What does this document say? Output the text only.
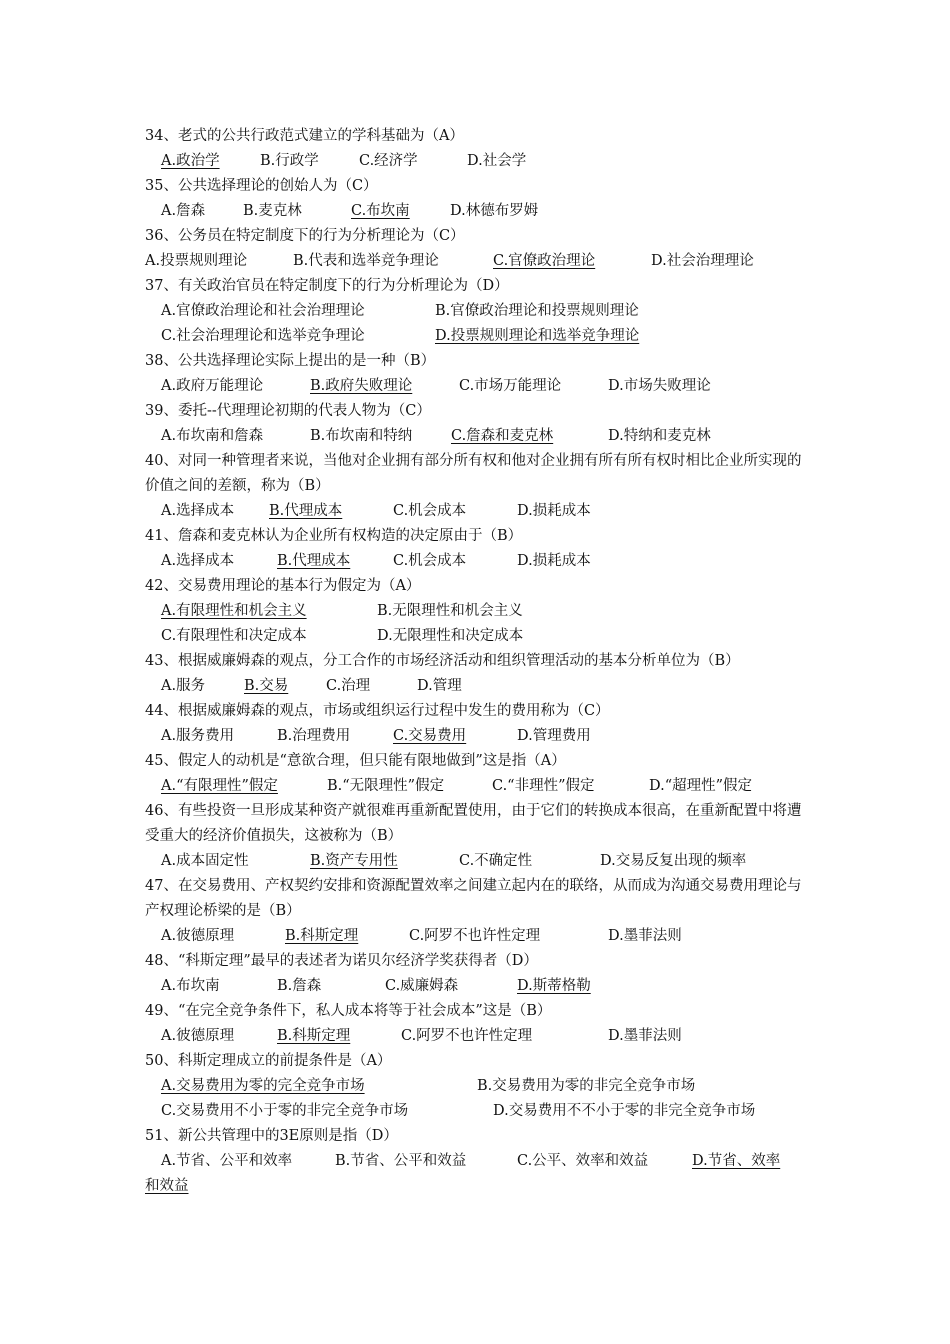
34、老式的公共行政范式建立的学科基础为（A）

A.政治学	B.行政学	C.经济学	D.社会学

35、公共选择理论的创始人为（C）

A.詹森	B.麦克林	C.布坎南	D.林德布罗姆

36、公务员在特定制度下的行为分析理论为（C）

A.投票规则理论	B.代表和选举竞争理论	C.官僚政治理论	D.社会治理理论

37、有关政治官员在特定制度下的行为分析理论为（D）

A.官僚政治理论和社会治理理论	B.官僚政治理论和投票规则理论
C.社会治理理论和选举竞争理论	D.投票规则理论和选举竞争理论

38、公共选择理论实际上提出的是一种（B）

A.政府万能理论	B.政府失败理论	C.市场万能理论	D.市场失败理论

39、委托--代理理论初期的代表人物为（C）

A.布坎南和詹森	B.布坎南和特纳	C.詹森和麦克林	D.特纳和麦克林

40、对同一种管理者来说，当他对企业拥有部分所有权和他对企业拥有所有所有权时相比企业所实现的价值之间的差额，称为（B）

A.选择成本 B.代理成本	C.机会成本	D.损耗成本

41、詹森和麦克林认为企业所有权构造的决定原由于（B）

A.选择成本	B.代理成本	C.机会成本	D.损耗成本

42、交易费用理论的基本行为假定为（A）

A.有限理性和机会主义	B.无限理性和机会主义
C.有限理性和决定成本	D.无限理性和决定成本

43、根据威廉姆森的观点，分工合作的市场经济活动和组织管理活动的基本分析单位为（B）

A.服务	B.交易	C.治理	D.管理

44、根据威廉姆森的观点，市场或组织运行过程中发生的费用称为（C）

A.服务费用	B.治理费用	C.交易费用	D.管理费用

45、假定人的动机是“意欲合理，但只能有限地做到”这是指（A）

A.“有限理性”假定	B.“无限理性”假定	C.“非理性”假定	D.“超理性”假定

46、有些投资一旦形成某种资产就很难再重新配置使用，由于它们的转换成本很高，在重新配置中将遭受重大的经济价值损失，这被称为（B）

A.成本固定性	B.资产专用性	C.不确定性	D.交易反复出现的频率

47、在交易费用、产权契约安排和资源配置效率之间建立起内在的联络，从而成为沟通交易费用理论与产权理论桥梁的是（B）

A.彼德原理	B.科斯定理	C.阿罗不也许性定理	D.墨菲法则

48、“科斯定理”最早的表述者为诺贝尔经济学奖获得者（D）

A.布坎南	B.詹森	C.威廉姆森	D.斯蒂格勒

49、“在完全竞争条件下，私人成本将等于社会成本”这是（B）

A.彼德原理	B.科斯定理	C.阿罗不也许性定理	D.墨菲法则

50、科斯定理成立的前提条件是（A）

A.交易费用为零的完全竞争市场	B.交易费用为零的非完全竞争市场
C.交易费用不小于零的非完全竞争市场	D.交易费用不不小于零的非完全竞争市场

51、新公共管理中的3E原则是指（D）

A.节省、公平和效率	B.节省、公平和效益	C.公平、效率和效益	D.节省、效率
和效益
